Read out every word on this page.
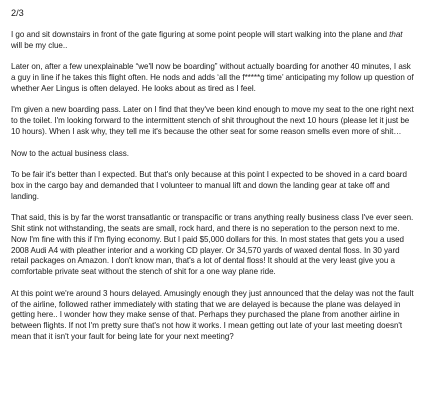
2/3

I go and sit downstairs in front of the gate figuring at some point people will start walking into the plane and that will be my clue..

Later on, after a few unexplainable “we'll now be boarding” without actually boarding for another 40 minutes, I ask a guy in line if he takes this flight often. He nods and adds ‘all the f*****g time’ anticipating my follow up question of whether Aer Lingus is often delayed. He looks about as tired as I feel.

I'm given a new boarding pass. Later on I find that they've been kind enough to move my seat to the one right next to the toilet. I'm looking forward to the intermittent stench of shit throughout the next 10 hours (please let it just be 10 hours). When I ask why, they tell me it's because the other seat for some reason smells even more of shit…

Now to the actual business class.

To be fair it's better than I expected. But that's only because at this point I expected to be shoved in a card board box in the cargo bay and demanded that I volunteer to manual lift and down the landing gear at take off and landing.

That said, this is by far the worst transatlantic or transpacific or trans anything really business class I've ever seen. Shit stink not withstanding, the seats are small, rock hard, and there is no seperation to the person next to me. Now I'm fine with this if I'm flying economy. But I paid $5,000 dollars for this. In most states that gets you a used 2008 Audi A4 with pleather interior and a working CD player. Or 34,570 yards of waxed dental floss. In 30 yard retail packages on Amazon. I don't know man, that's a lot of dental floss! It should at the very least give you a comfortable private seat without the stench of shit for a one way plane ride.

At this point we're around 3 hours delayed. Amusingly enough they just announced that the delay was not the fault of the airline, followed rather immediately with stating that we are delayed is because the plane was delayed in getting here.. I wonder how they make sense of that. Perhaps they purchased the plane from another airline in between flights. If not I'm pretty sure that's not how it works. I mean getting out late of your last meeting doesn't mean that it isn't your fault for being late for your next meeting?
